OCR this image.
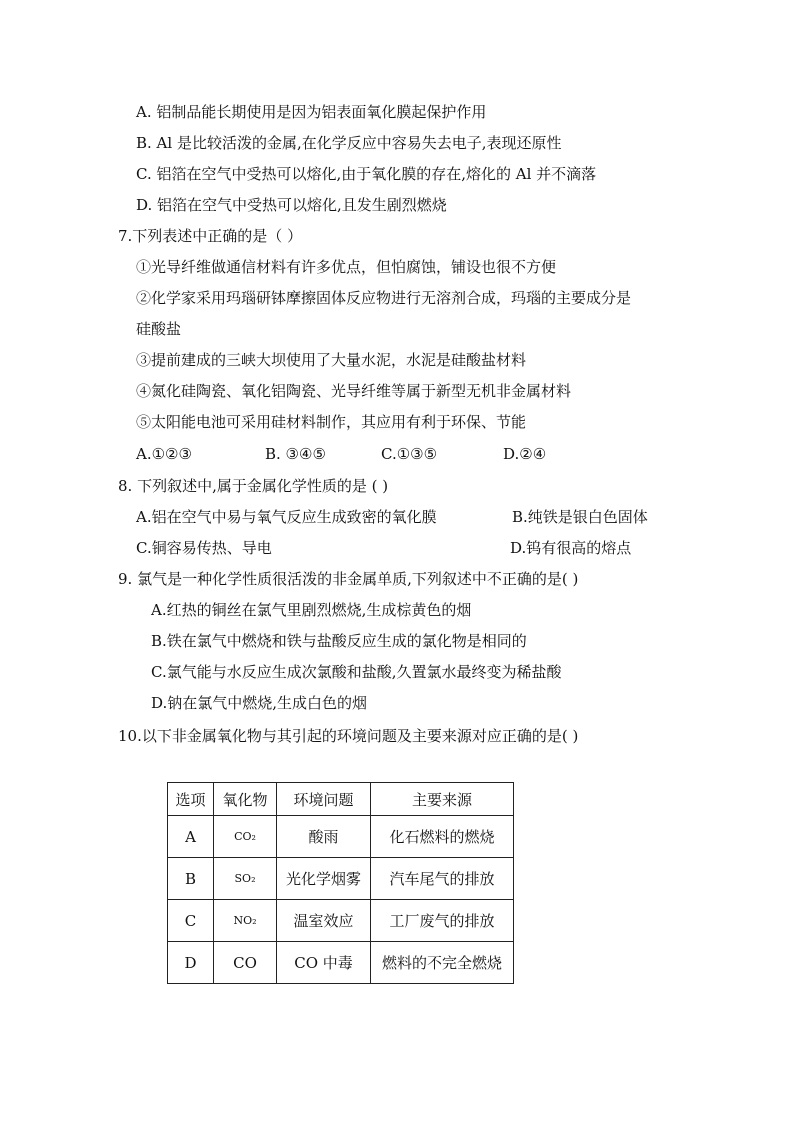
A. 铝制品能长期使用是因为铝表面氧化膜起保护作用
B. Al 是比较活泼的金属,在化学反应中容易失去电子,表现还原性
C. 铝箔在空气中受热可以熔化,由于氧化膜的存在,熔化的 Al 并不滴落
D. 铝箔在空气中受热可以熔化,且发生剧烈燃烧
7.下列表述中正确的是（ ）
①光导纤维做通信材料有许多优点，但怕腐蚀，铺设也很不方便
②化学家采用玛瑙研钵摩擦固体反应物进行无溶剂合成，玛瑙的主要成分是
硅酸盐
③提前建成的三峡大坝使用了大量水泥，水泥是硅酸盐材料
④氮化硅陶瓷、氧化铝陶瓷、光导纤维等属于新型无机非金属材料
⑤太阳能电池可采用硅材料制作，其应用有利于环保、节能
A.①②③	B. ③④⑤	C.①③⑤	D.②④
8. 下列叙述中,属于金属化学性质的是 ( )
A.铝在空气中易与氧气反应生成致密的氧化膜	B.纯铁是银白色固体
C.铜容易传热、导电	D.钨有很高的熔点
9. 氯气是一种化学性质很活泼的非金属单质,下列叙述中不正确的是( )
A.红热的铜丝在氯气里剧烈燃烧,生成棕黄色的烟
B.铁在氯气中燃烧和铁与盐酸反应生成的氯化物是相同的
C.氯气能与水反应生成次氯酸和盐酸,久置氯水最终变为稀盐酸
D.钠在氯气中燃烧,生成白色的烟
10.以下非金属氧化物与其引起的环境问题及主要来源对应正确的是( )
选项	氧化物	环境问题	主要来源
A	CO₂	酸雨	化石燃料的燃烧
B	SO₂	光化学烟雾	汽车尾气的排放
C	NO₂	温室效应	工厂废气的排放
D	CO	CO 中毒	燃料的不完全燃烧
